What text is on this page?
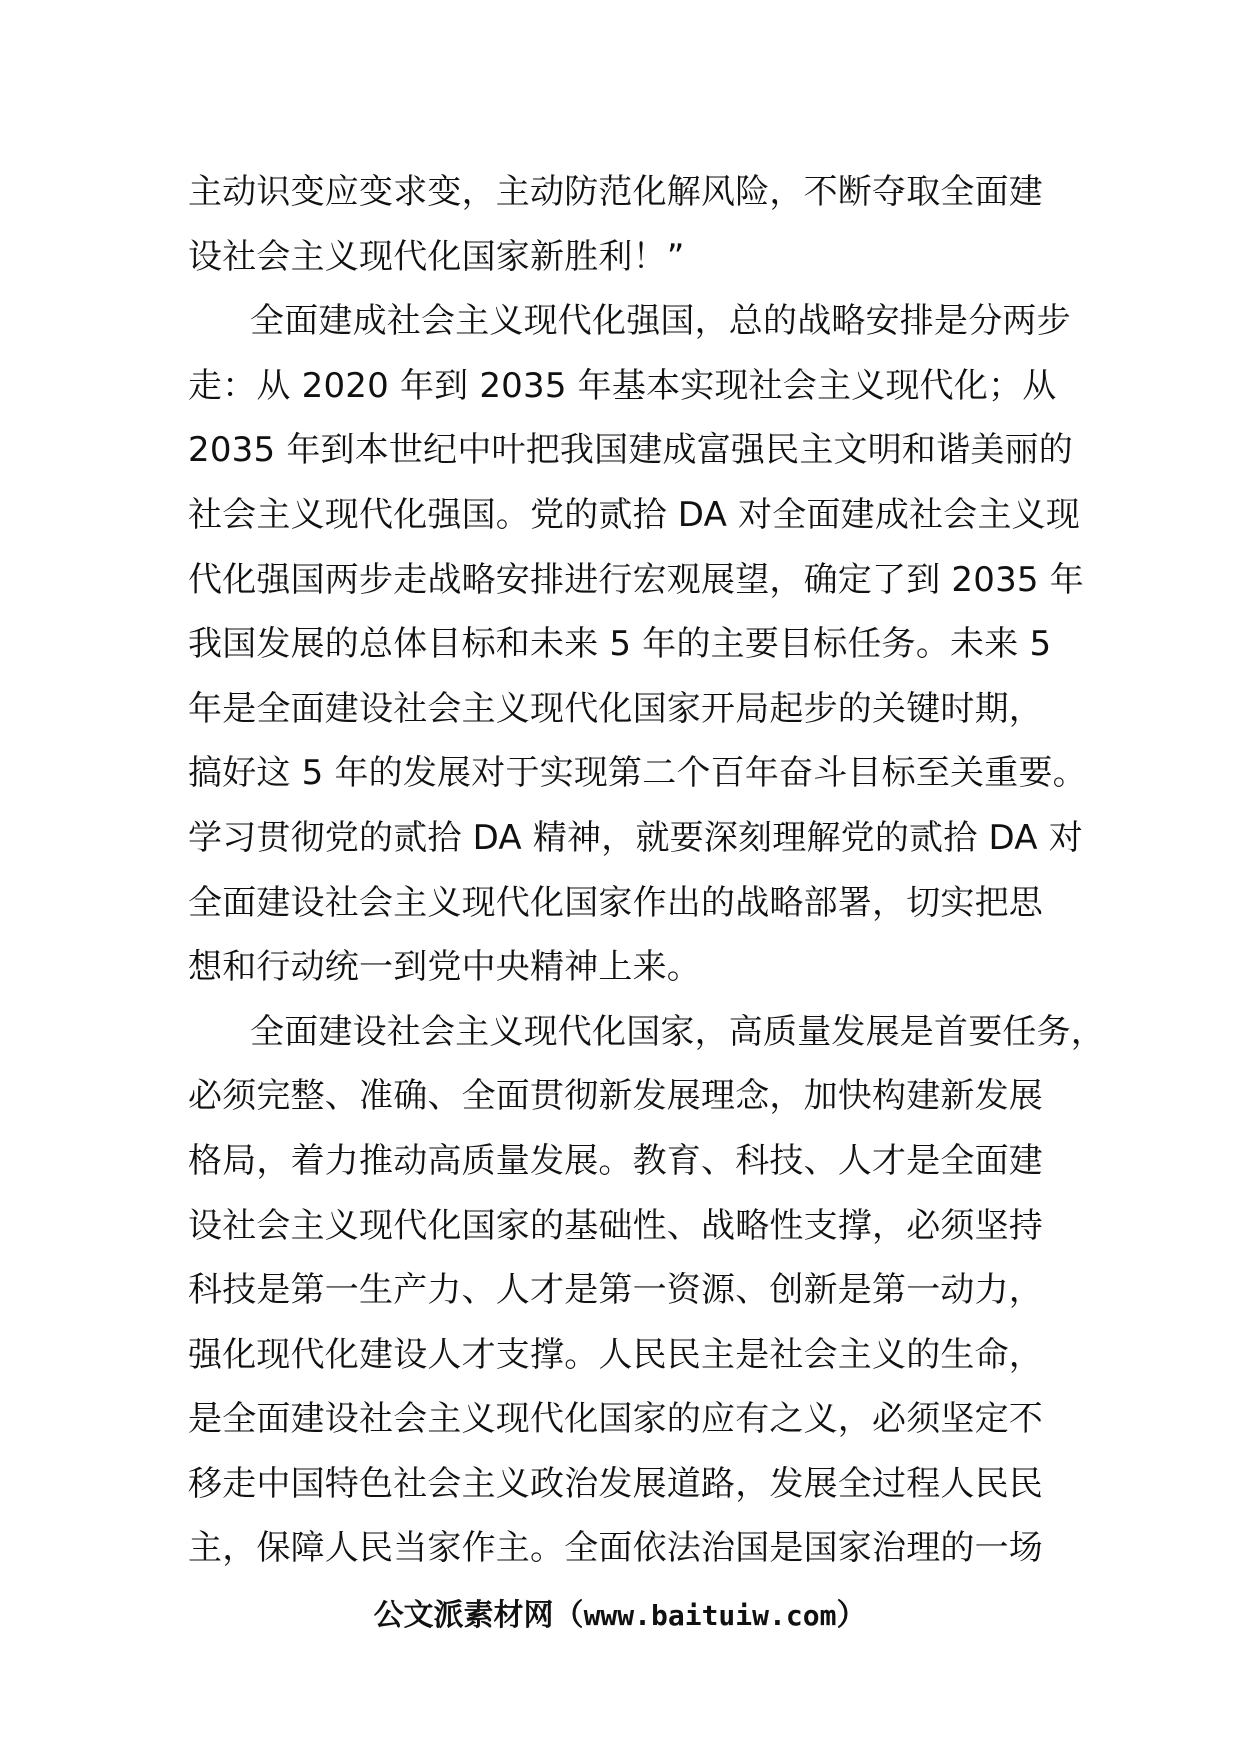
主动识变应变求变，主动防范化解风险，不断夺取全面建
设社会主义现代化国家新胜利！”
全面建成社会主义现代化强国，总的战略安排是分两步
走：从 2020 年到 2035 年基本实现社会主义现代化；从
2035 年到本世纪中叶把我国建成富强民主文明和谐美丽的
社会主义现代化强国。党的贰拾 DA 对全面建成社会主义现
代化强国两步走战略安排进行宏观展望，确定了到 2035 年
我国发展的总体目标和未来 5 年的主要目标任务。未来 5
年是全面建设社会主义现代化国家开局起步的关键时期，
搞好这 5 年的发展对于实现第二个百年奋斗目标至关重要。
学习贯彻党的贰拾 DA 精神，就要深刻理解党的贰拾 DA 对
全面建设社会主义现代化国家作出的战略部署，切实把思
想和行动统一到党中央精神上来。
全面建设社会主义现代化国家，高质量发展是首要任务，
必须完整、准确、全面贯彻新发展理念，加快构建新发展
格局，着力推动高质量发展。教育、科技、人才是全面建
设社会主义现代化国家的基础性、战略性支撑，必须坚持
科技是第一生产力、人才是第一资源、创新是第一动力，
强化现代化建设人才支撑。人民民主是社会主义的生命，
是全面建设社会主义现代化国家的应有之义，必须坚定不
移走中国特色社会主义政治发展道路，发展全过程人民民
主，保障人民当家作主。全面依法治国是国家治理的一场
公文派素材网（www.baituiw.com）
